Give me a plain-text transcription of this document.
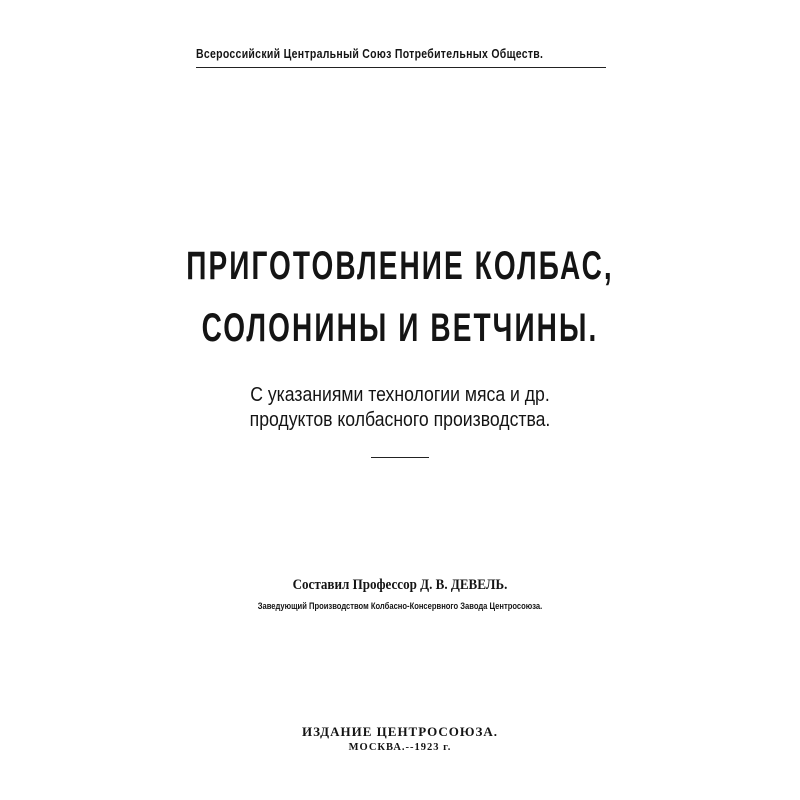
Всероссийский Центральный Союз Потребительных Обществ.
ПРИГОТОВЛЕНИЕ КОЛБАС,
СОЛОНИНЫ И ВЕТЧИНЫ.
С указаниями технологии мяса и др.
продуктов колбасного производства.
Составил Профессор Д. В. ДЕВЕЛЬ.
Заведующий Производством Колбасно-Консервного Завода Центросоюза.
ИЗДАНИЕ ЦЕНТРОСОЮЗА.
МОСКВА.--1923 г.
